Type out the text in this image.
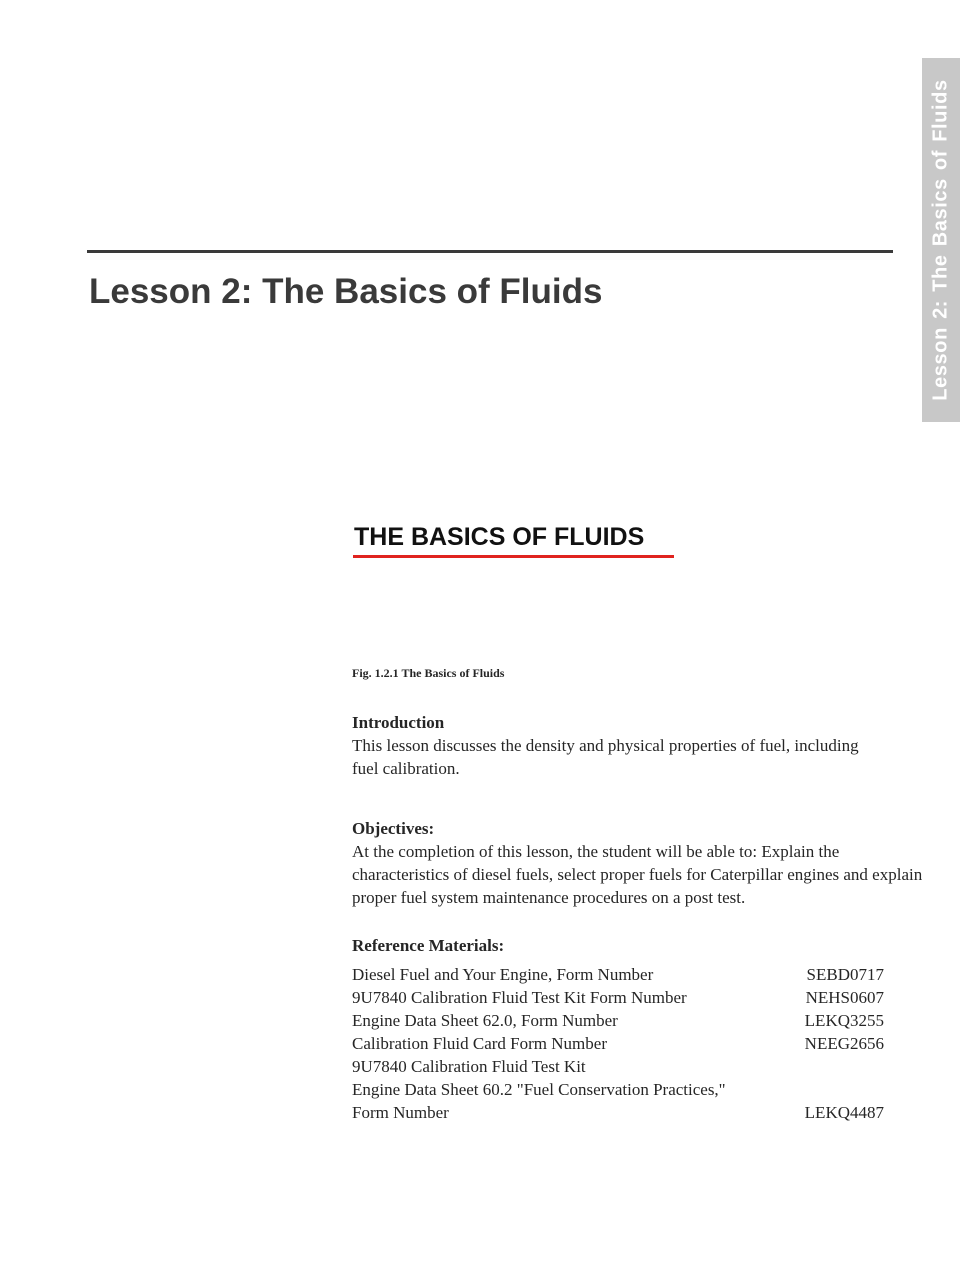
Lesson 2: The Basics of Fluids
Lesson 2: The Basics of Fluids
THE BASICS OF FLUIDS
Fig. 1.2.1 The Basics of Fluids
Introduction

This lesson discusses the density and physical properties of fuel, including fuel calibration.

Objectives:

At the completion of this lesson, the student will be able to: Explain the characteristics of diesel fuels, select proper fuels for Caterpillar engines and explain proper fuel system maintenance procedures on a post test.

Reference Materials:
Diesel Fuel and Your Engine, Form Number	SEBD0717
9U7840 Calibration Fluid Test Kit Form Number	NEHS0607
Engine Data Sheet 62.0, Form Number	LEKQ3255
Calibration Fluid Card Form Number	NEEG2656
9U7840 Calibration Fluid Test Kit
Engine Data Sheet 60.2 "Fuel Conservation Practices,"
Form Number	LEKQ4487
